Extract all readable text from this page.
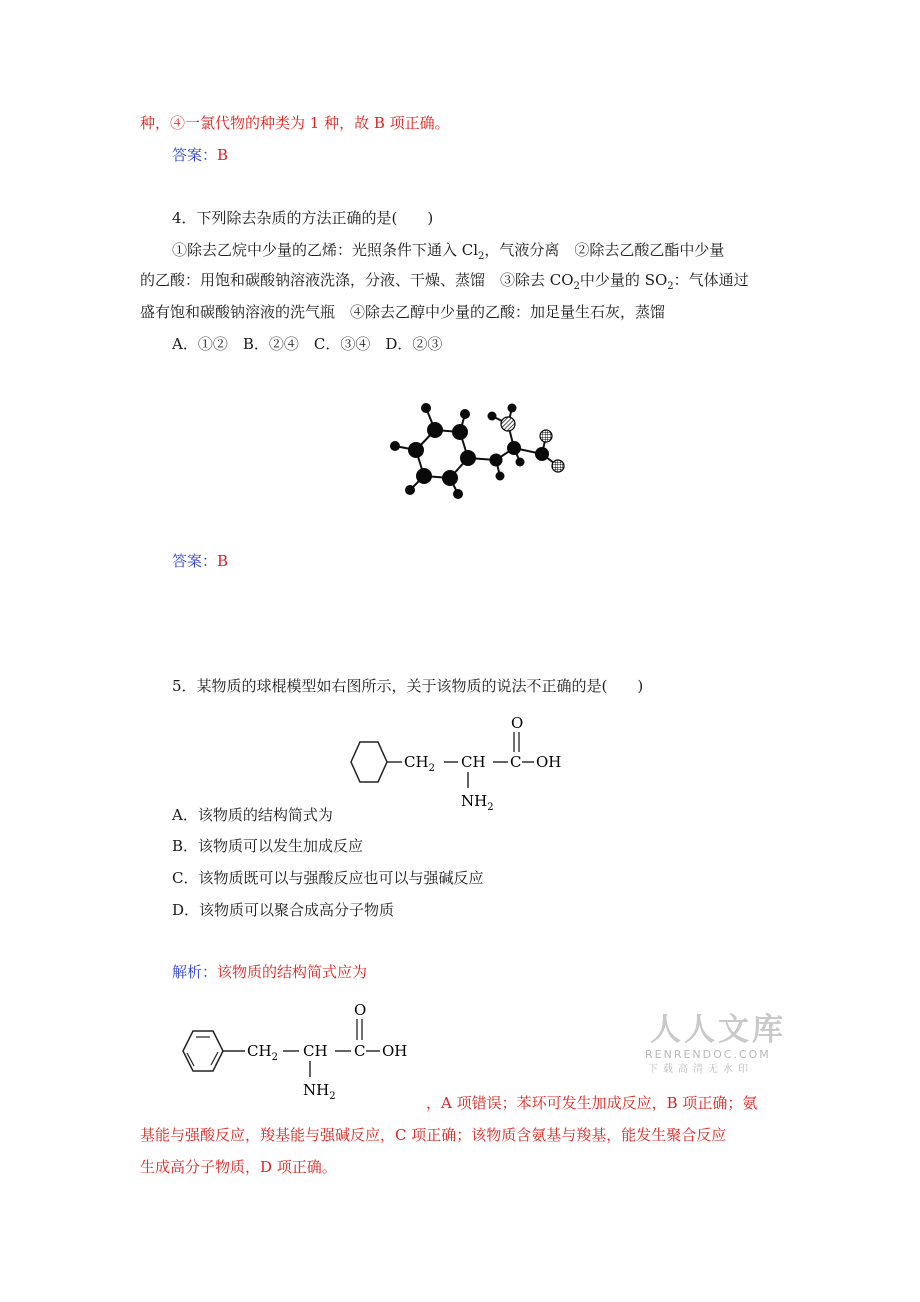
种，④一氯代物的种类为 1 种，故 B 项正确。
答案：B
4．下列除去杂质的方法正确的是(　　)
①除去乙烷中少量的乙烯：光照条件下通入 $Cl_2$，气液分离　②除去乙酸乙酯中少量
的乙酸：用饱和碳酸钠溶液洗涤，分液、干燥、蒸馏　③除去 $CO_2$中少量的 $SO_2$：气体通过
盛有饱和碳酸钠溶液的洗气瓶　④除去乙醇中少量的乙酸：加足量生石灰，蒸馏
A．①②　B．②④　C．③④　D．②③
答案：B
5．某物质的球棍模型如右图所示，关于该物质的说法不正确的是(　　)
$CH_2$ CH C OH
O
$NH_2$
A．该物质的结构简式为
B．该物质可以发生加成反应
C．该物质既可以与强酸反应也可以与强碱反应
D．该物质可以聚合成高分子物质
解析：该物质的结构简式应为
$CH_2$ CH C OH
O
$NH_2$
人人文库
RENRENDOC.COM
下载高清无水印
，A 项错误；苯环可发生加成反应，B 项正确；氨
基能与强酸反应，羧基能与强碱反应，C 项正确；该物质含氨基与羧基，能发生聚合反应
生成高分子物质，D 项正确。
